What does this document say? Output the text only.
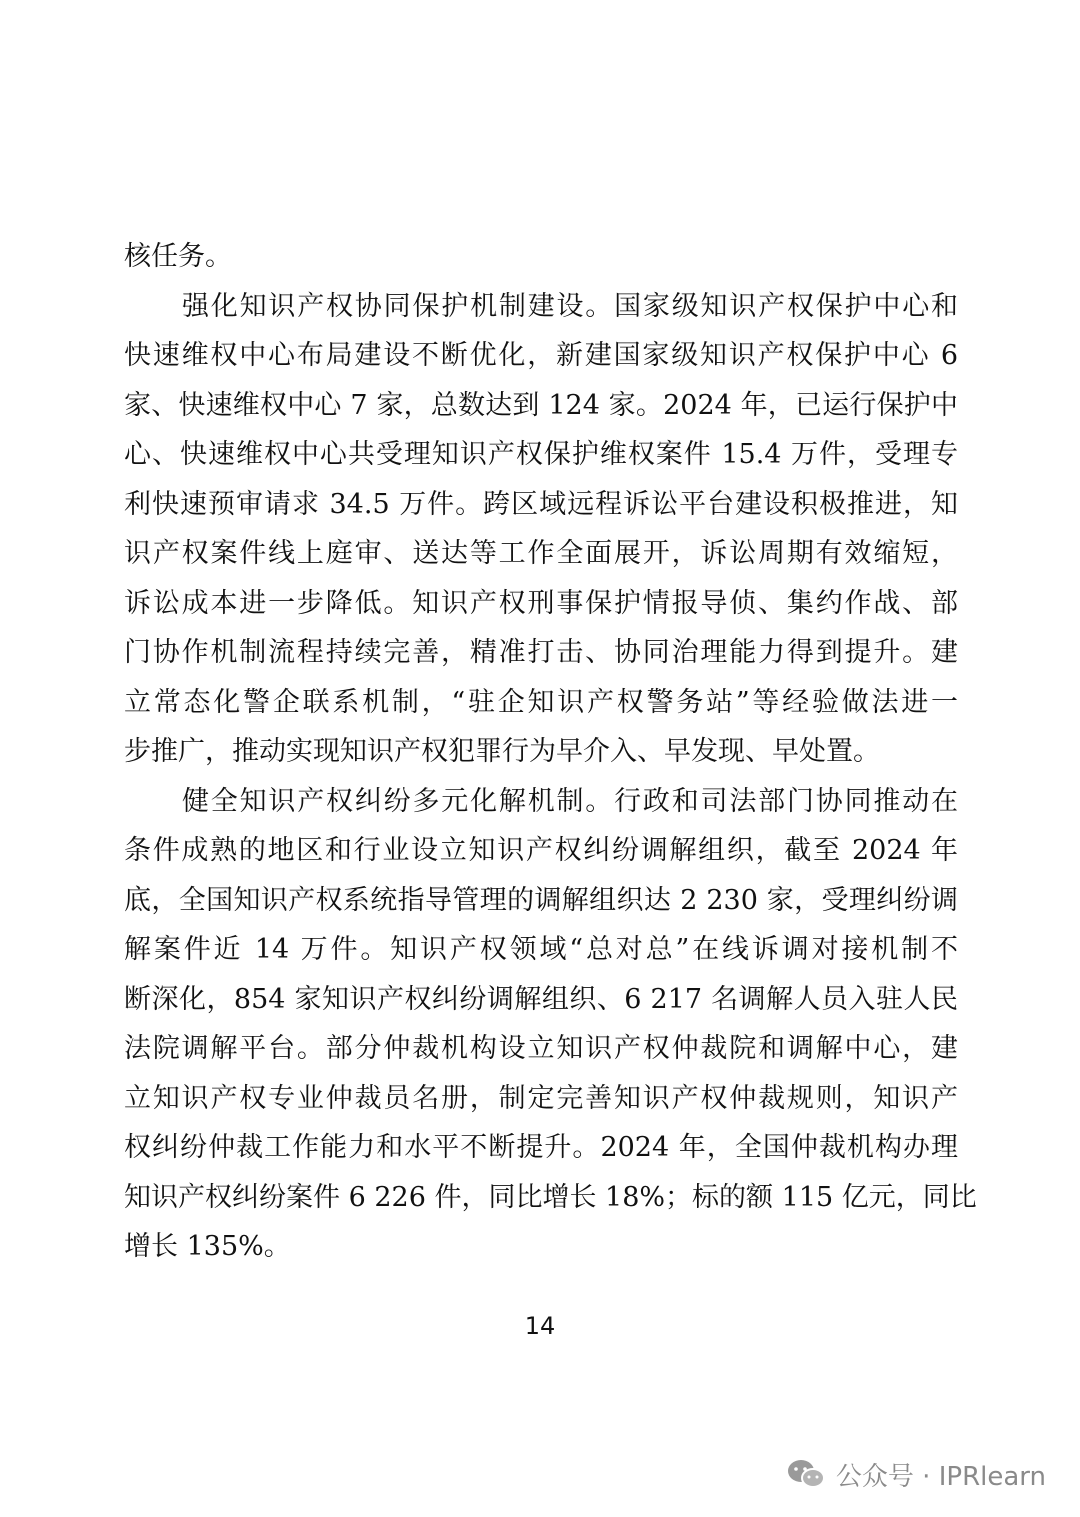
核任务。
强化知识产权协同保护机制建设。国家级知识产权保护中心和
快速维权中心布局建设不断优化，新建国家级知识产权保护中心 6
家、快速维权中心 7 家，总数达到 124 家。2024 年，已运行保护中
心、快速维权中心共受理知识产权保护维权案件 15.4 万件，受理专
利快速预审请求 34.5 万件。跨区域远程诉讼平台建设积极推进，知
识产权案件线上庭审、送达等工作全面展开，诉讼周期有效缩短，
诉讼成本进一步降低。知识产权刑事保护情报导侦、集约作战、部
门协作机制流程持续完善，精准打击、协同治理能力得到提升。建
立常态化警企联系机制，“驻企知识产权警务站”等经验做法进一
步推广，推动实现知识产权犯罪行为早介入、早发现、早处置。
健全知识产权纠纷多元化解机制。行政和司法部门协同推动在
条件成熟的地区和行业设立知识产权纠纷调解组织，截至 2024 年
底，全国知识产权系统指导管理的调解组织达 2 230 家，受理纠纷调
解案件近 14 万件。知识产权领域“总对总”在线诉调对接机制不
断深化，854 家知识产权纠纷调解组织、6 217 名调解人员入驻人民
法院调解平台。部分仲裁机构设立知识产权仲裁院和调解中心，建
立知识产权专业仲裁员名册，制定完善知识产权仲裁规则，知识产
权纠纷仲裁工作能力和水平不断提升。2024 年，全国仲裁机构办理
知识产权纠纷案件 6 226 件，同比增长 18%；标的额 115 亿元，同比
增长 135%。
14
公众号 · IPRlearn
